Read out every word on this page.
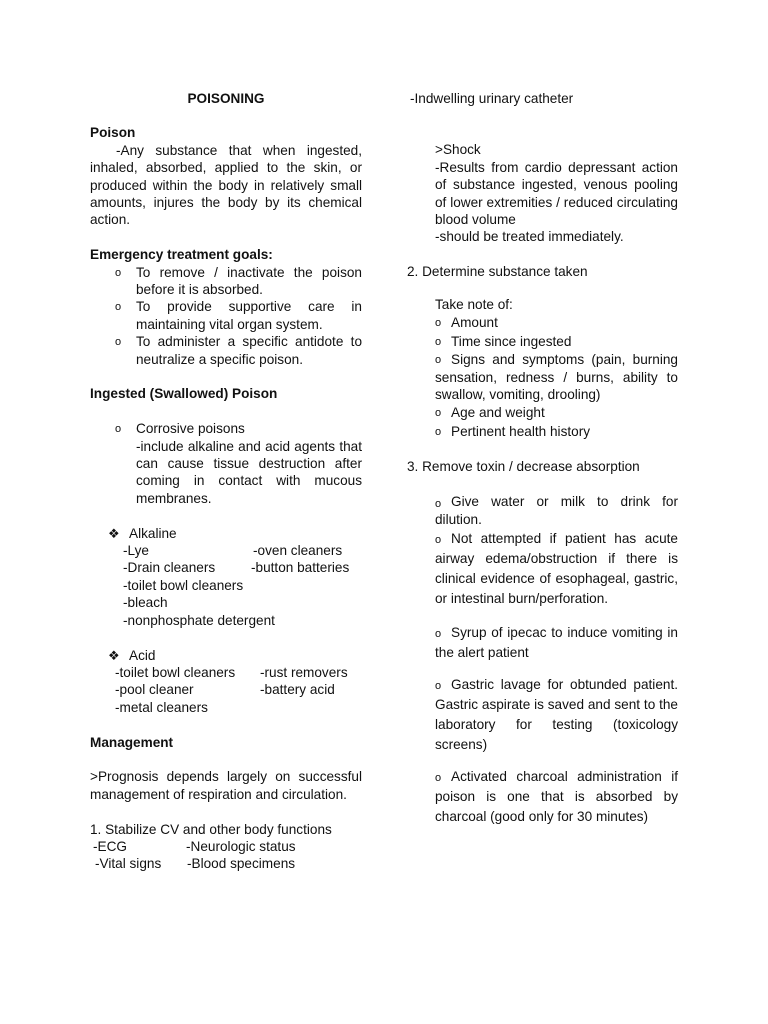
POISONING

Poison

-Any substance that when ingested, inhaled, absorbed, applied to the skin, or produced within the body in relatively small amounts, injures the body by its chemical action.

Emergency treatment goals:

o To remove / inactivate the poison before it is absorbed.

o To provide supportive care in maintaining vital organ system.

o To administer a specific antidote to neutralize a specific poison.

Ingested (Swallowed) Poison

o Corrosive poisons

-include alkaline and acid agents that can cause tissue destruction after coming in contact with mucous membranes.

❖ Alkaline

-Lye	-oven cleaners
-Drain cleaners	-button batteries
-toilet bowl cleaners
-bleach
-nonphosphate detergent
❖ Acid

-toilet bowl cleaners -rust removers
-pool cleaner	-battery acid
-metal cleaners

Management

>Prognosis depends largely on successful management of respiration and circulation.

1. Stabilize CV and other body functions

-ECG	-Neurologic status
-Vital signs -Blood specimens

-Indwelling urinary catheter

>Shock

-Results from cardio depressant action of substance ingested, venous pooling of lower extremities / reduced circulating blood volume

-should be treated immediately.

2. Determine substance taken

Take note of:

o Amount

o Time since ingested

Signs and symptoms (pain, burning sensation, redness / burns, ability to swallow, vomiting, drooling)

o
o Age and weight

o Pertinent health history

3. Remove toxin / decrease absorption

Give water or milk to drink for dilution.

o

Not attempted if patient has acute airway edema/obstruction if there is clinical evidence of esophageal, gastric, or intestinal burn/perforation.

o

Syrup of ipecac to induce vomiting in the alert patient

o

Gastric lavage for obtunded patient. Gastric aspirate is saved and sent to the laboratory for testing (toxicology screens)

o

Activated charcoal administration if poison is one that is absorbed by charcoal (good only for 30 minutes)

o
